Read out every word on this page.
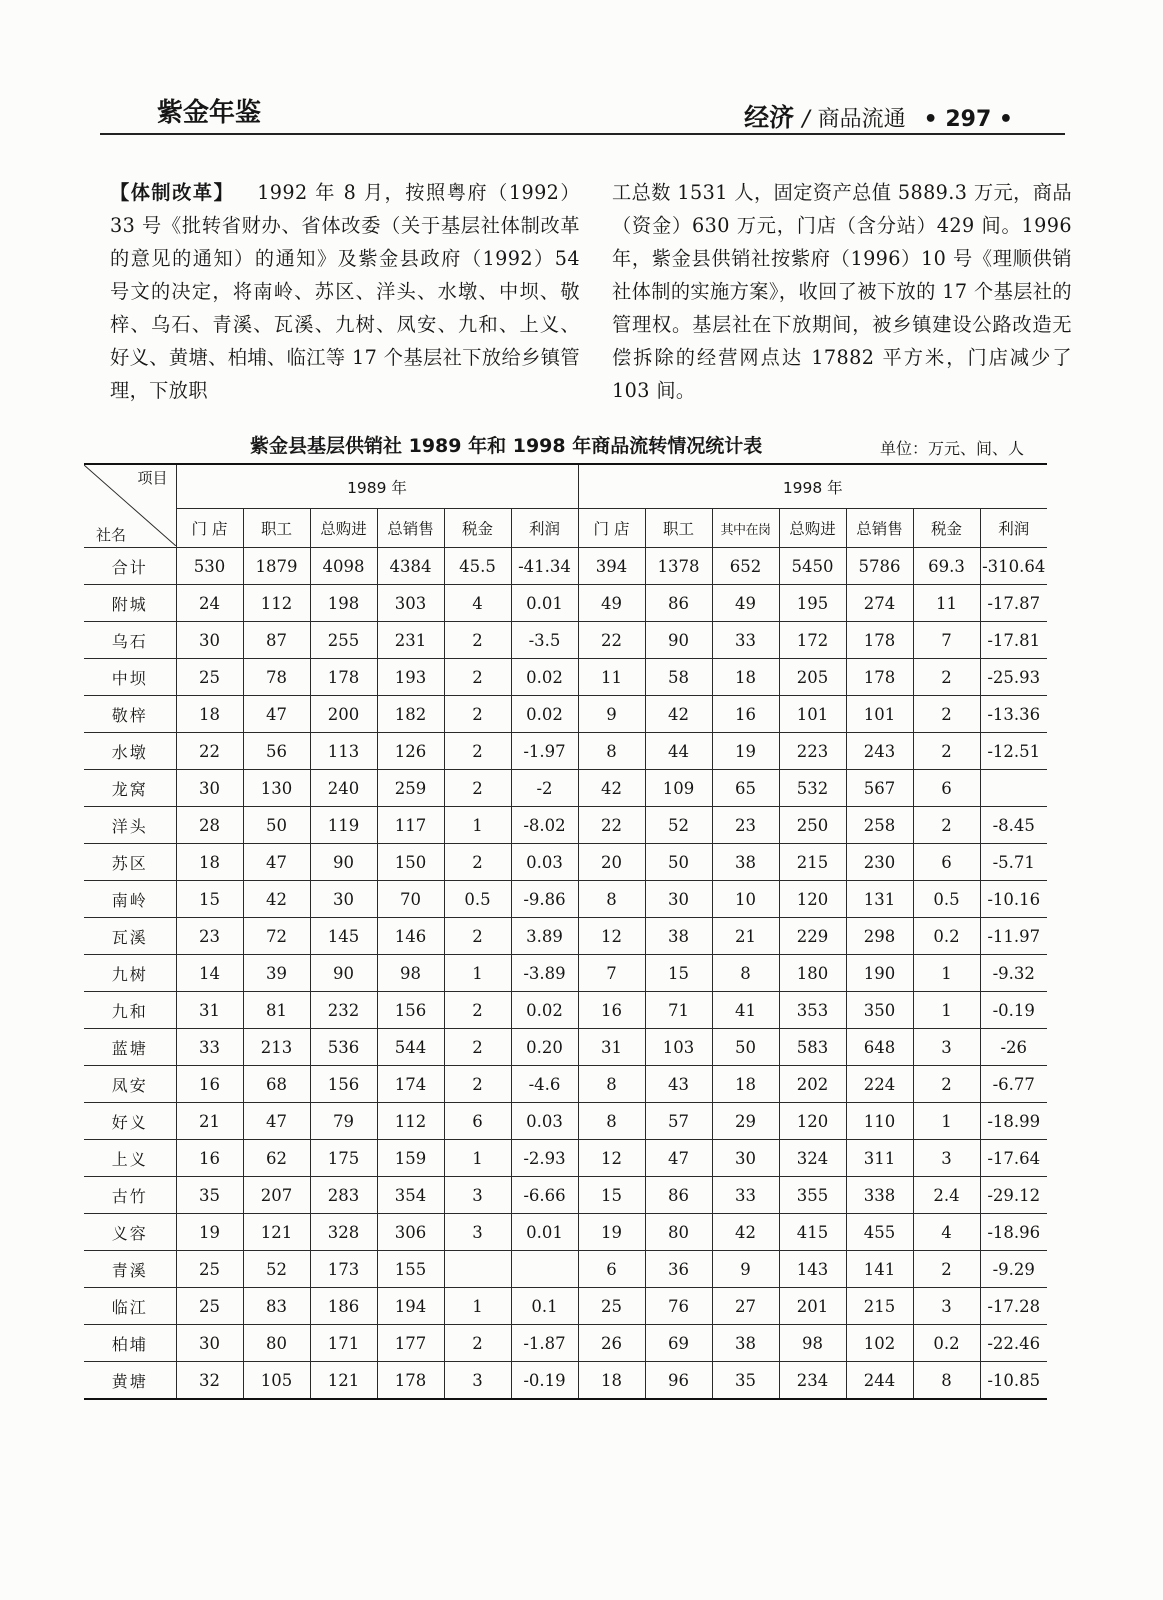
紫金年鉴	经济 / 商品流通 • 297 •

【体制改革】 1992 年 8 月，按照粤府（1992）33 号《批转省财办、省体改委（关于基层社体制改革的意见的通知）的通知》及紫金县政府（1992）54 号文的决定，将南岭、苏区、洋头、水墩、中坝、敬梓、乌石、青溪、瓦溪、九树、凤安、九和、上义、好义、黄塘、柏埔、临江等 17 个基层社下放给乡镇管理，下放职

工总数 1531 人，固定资产总值 5889.3 万元，商品（资金）630 万元，门店（含分站）429 间。1996 年，紫金县供销社按紫府（1996）10 号《理顺供销社体制的实施方案》，收回了被下放的 17 个基层社的管理权。基层社在下放期间，被乡镇建设公路改造无偿拆除的经营网点达 17882 平方米，门店减少了 103 间。

紫金县基层供销社 1989 年和 1998 年商品流转情况统计表	单位：万元、间、人
项目
社名	1989 年						1998 年						
	门 店	职工	总购进	总销售	税金	利润	门 店	职工	其中在岗	总购进	总销售	税金	利润
合计	530	1879	4098	4384	45.5	-41.34	394	1378	652	5450	5786	69.3	-310.64
附城	24	112	198	303	4	0.01	49	86	49	195	274	11	-17.87
乌石	30	87	255	231	2	-3.5	22	90	33	172	178	7	-17.81
中坝	25	78	178	193	2	0.02	11	58	18	205	178	2	-25.93
敬梓	18	47	200	182	2	0.02	9	42	16	101	101	2	-13.36
水墩	22	56	113	126	2	-1.97	8	44	19	223	243	2	-12.51
龙窝	30	130	240	259	2	-2	42	109	65	532	567	6	
洋头	28	50	119	117	1	-8.02	22	52	23	250	258	2	-8.45
苏区	18	47	90	150	2	0.03	20	50	38	215	230	6	-5.71
南岭	15	42	30	70	0.5	-9.86	8	30	10	120	131	0.5	-10.16
瓦溪	23	72	145	146	2	3.89	12	38	21	229	298	0.2	-11.97
九树	14	39	90	98	1	-3.89	7	15	8	180	190	1	-9.32
九和	31	81	232	156	2	0.02	16	71	41	353	350	1	-0.19
蓝塘	33	213	536	544	2	0.20	31	103	50	583	648	3	-26
凤安	16	68	156	174	2	-4.6	8	43	18	202	224	2	-6.77
好义	21	47	79	112	6	0.03	8	57	29	120	110	1	-18.99
上义	16	62	175	159	1	-2.93	12	47	30	324	311	3	-17.64
古竹	35	207	283	354	3	-6.66	15	86	33	355	338	2.4	-29.12
义容	19	121	328	306	3	0.01	19	80	42	415	455	4	-18.96
青溪	25	52	173	155			6	36	9	143	141	2	-9.29
临江	25	83	186	194	1	0.1	25	76	27	201	215	3	-17.28
柏埔	30	80	171	177	2	-1.87	26	69	38	98	102	0.2	-22.46
黄塘	32	105	121	178	3	-0.19	18	96	35	234	244	8	-10.85
